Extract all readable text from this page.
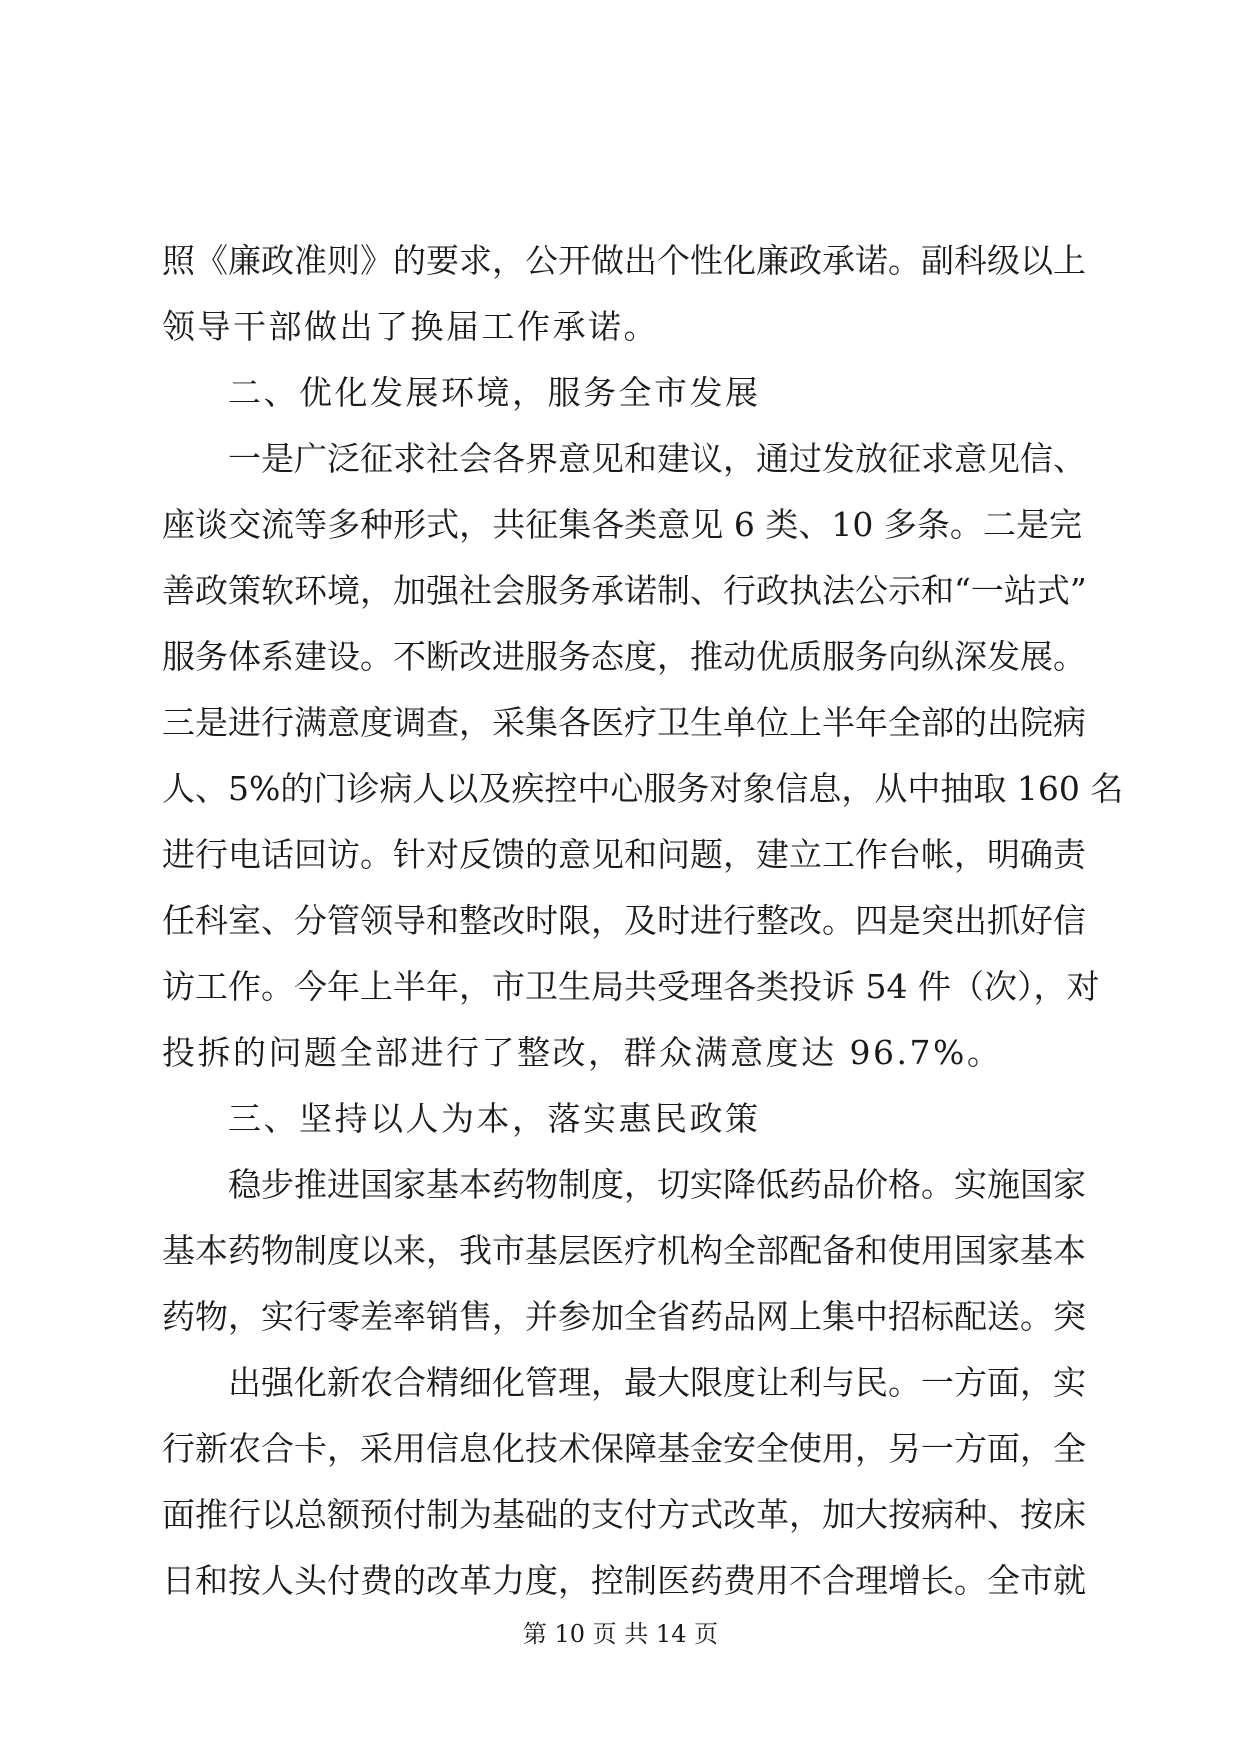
照《廉政准则》的要求，公开做出个性化廉政承诺。副科级以上
领导干部做出了换届工作承诺。
二、优化发展环境，服务全市发展
一是广泛征求社会各界意见和建议，通过发放征求意见信、
座谈交流等多种形式，共征集各类意见 6 类、10 多条。二是完
善政策软环境，加强社会服务承诺制、行政执法公示和“一站式”
服务体系建设。不断改进服务态度，推动优质服务向纵深发展。
三是进行满意度调查，采集各医疗卫生单位上半年全部的出院病
人、5%的门诊病人以及疾控中心服务对象信息，从中抽取 160 名
进行电话回访。针对反馈的意见和问题，建立工作台帐，明确责
任科室、分管领导和整改时限，及时进行整改。四是突出抓好信
访工作。今年上半年，市卫生局共受理各类投诉 54 件（次），对
投拆的问题全部进行了整改，群众满意度达 96.7%。
三、坚持以人为本，落实惠民政策
稳步推进国家基本药物制度，切实降低药品价格。实施国家
基本药物制度以来，我市基层医疗机构全部配备和使用国家基本
药物，实行零差率销售，并参加全省药品网上集中招标配送。突
出强化新农合精细化管理，最大限度让利与民。一方面，实
行新农合卡，采用信息化技术保障基金安全使用，另一方面，全
面推行以总额预付制为基础的支付方式改革，加大按病种、按床
日和按人头付费的改革力度，控制医药费用不合理增长。全市就
第 10 页 共 14 页
